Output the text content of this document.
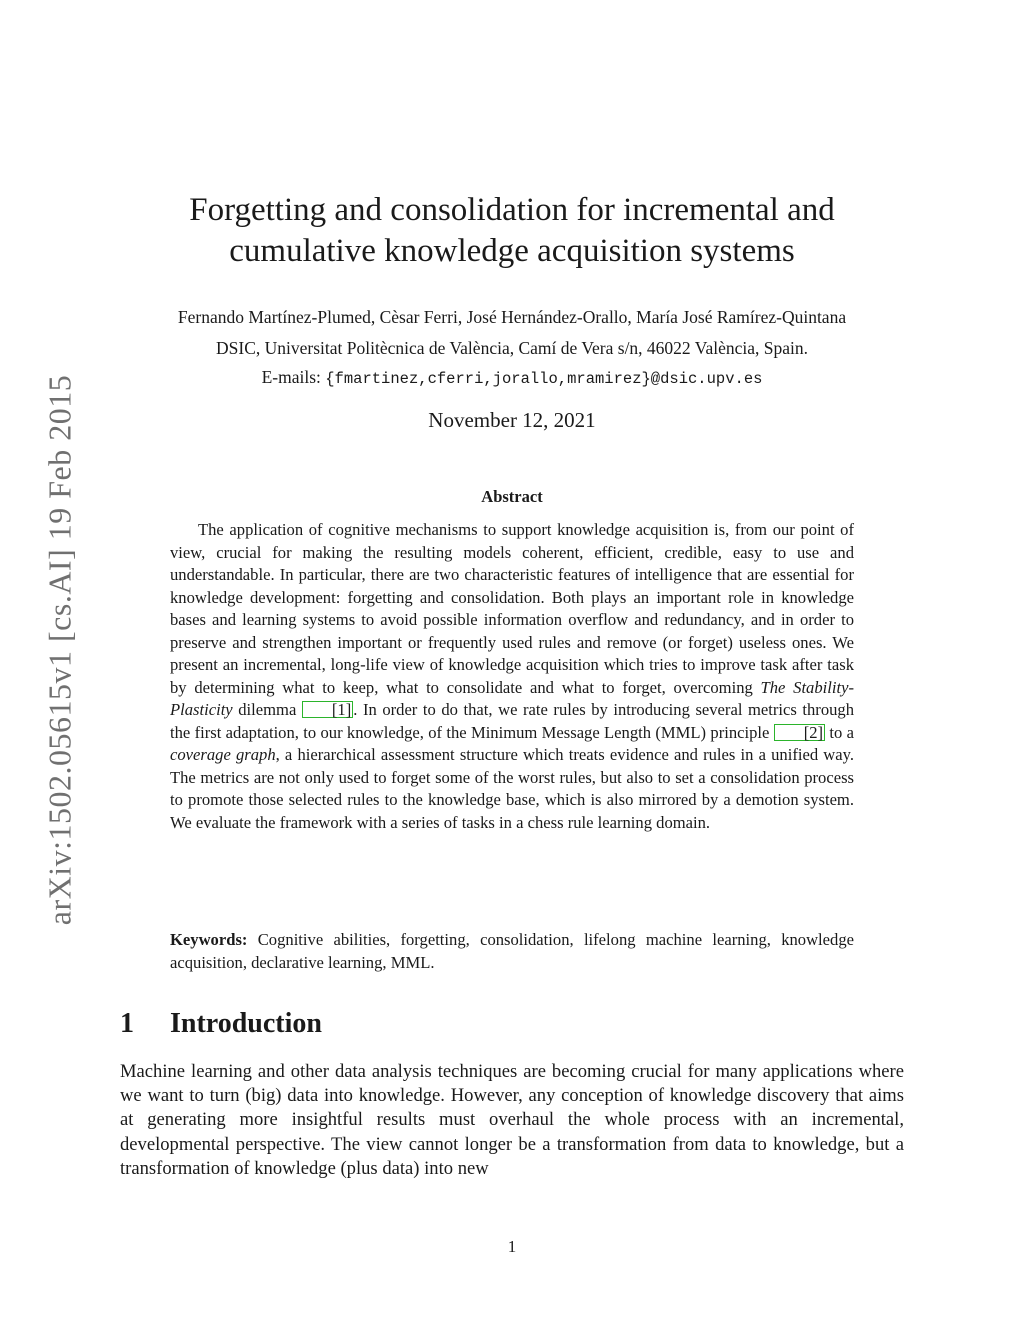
arXiv:1502.05615v1 [cs.AI] 19 Feb 2015
Forgetting and consolidation for incremental and cumulative knowledge acquisition systems
Fernando Martínez-Plumed, Cèsar Ferri, José Hernández-Orallo, María José Ramírez-Quintana
DSIC, Universitat Politècnica de València, Camí de Vera s/n, 46022 València, Spain.
E-mails: {fmartinez,cferri,jorallo,mramirez}@dsic.upv.es
November 12, 2021
Abstract

The application of cognitive mechanisms to support knowledge acquisition is, from our point of view, crucial for making the resulting models coherent, efficient, credible, easy to use and understandable. In particular, there are two characteristic features of intelligence that are essential for knowledge development: forgetting and consolidation. Both plays an important role in knowledge bases and learning systems to avoid possible information overflow and redundancy, and in order to preserve and strengthen important or frequently used rules and remove (or forget) useless ones. We present an incremental, long-life view of knowledge acquisition which tries to improve task after task by determining what to keep, what to consolidate and what to forget, overcoming The Stability-Plasticity dilemma [1] . In order to do that, we rate rules by introducing several metrics through the first adaptation, to our knowledge, of the Minimum Message Length (MML) principle [2] to a coverage graph, a hierarchical assessment structure which treats evidence and rules in a unified way. The metrics are not only used to forget some of the worst rules, but also to set a consolidation process to promote those selected rules to the knowledge base, which is also mirrored by a demotion system. We evaluate the framework with a series of tasks in a chess rule learning domain.

Keywords: Cognitive abilities, forgetting, consolidation, lifelong machine learning, knowledge acquisition, declarative learning, MML.

1 Introduction

Machine learning and other data analysis techniques are becoming crucial for many applications where we want to turn (big) data into knowledge. However, any conception of knowledge discovery that aims at generating more insightful results must overhaul the whole process with an incremental, developmental perspective. The view cannot longer be a transformation from data to knowledge, but a transformation of knowledge (plus data) into new

1
